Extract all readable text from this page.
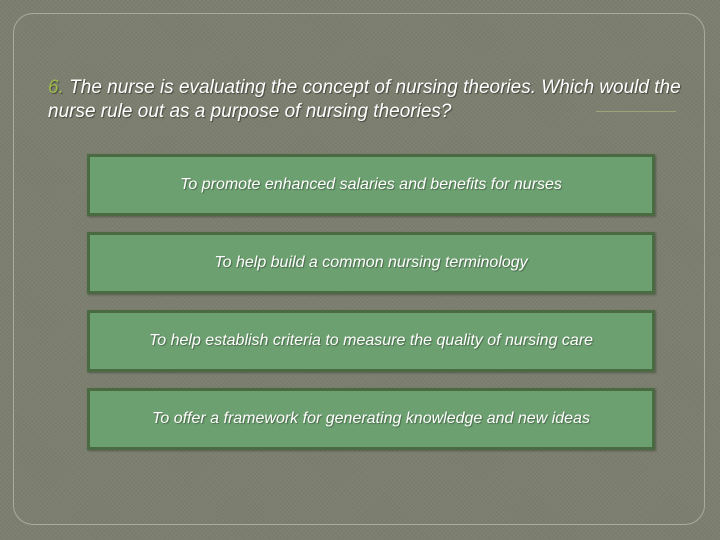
6. The nurse is evaluating the concept of nursing theories. Which would the nurse rule out as a purpose of nursing theories?
To promote enhanced salaries and benefits for nurses
To help build a common nursing terminology
To help establish criteria to measure the quality of nursing care
To offer a framework for generating knowledge and new ideas
